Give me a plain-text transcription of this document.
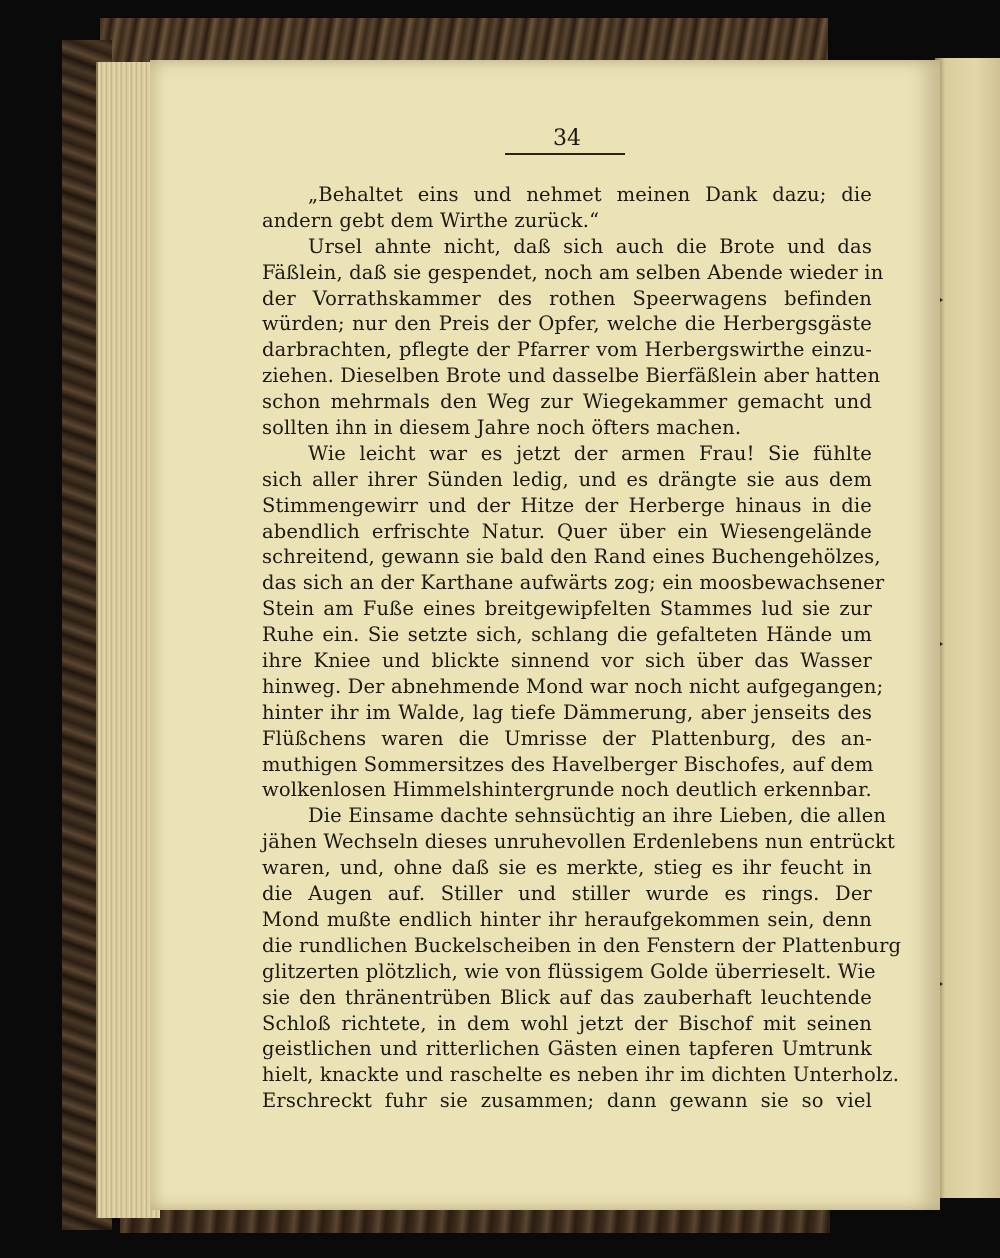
34
„Behaltet eins und nehmet meinen Dank dazu; die
andern gebt dem Wirthe zurück.“
Ursel ahnte nicht, daß sich auch die Brote und das
Fäßlein, daß sie gespendet, noch am selben Abende wieder in
der Vorrathskammer des rothen Speerwagens befinden
würden; nur den Preis der Opfer, welche die Herbergsgäste
darbrachten, pflegte der Pfarrer vom Herbergswirthe einzu-
ziehen. Dieselben Brote und dasselbe Bierfäßlein aber hatten
schon mehrmals den Weg zur Wiegekammer gemacht und
sollten ihn in diesem Jahre noch öfters machen.
Wie leicht war es jetzt der armen Frau! Sie fühlte
sich aller ihrer Sünden ledig, und es drängte sie aus dem
Stimmengewirr und der Hitze der Herberge hinaus in die
abendlich erfrischte Natur. Quer über ein Wiesengelände
schreitend, gewann sie bald den Rand eines Buchengehölzes,
das sich an der Karthane aufwärts zog; ein moosbewachsener
Stein am Fuße eines breitgewipfelten Stammes lud sie zur
Ruhe ein. Sie setzte sich, schlang die gefalteten Hände um
ihre Kniee und blickte sinnend vor sich über das Wasser
hinweg. Der abnehmende Mond war noch nicht aufgegangen;
hinter ihr im Walde, lag tiefe Dämmerung, aber jenseits des
Flüßchens waren die Umrisse der Plattenburg, des an-
muthigen Sommersitzes des Havelberger Bischofes, auf dem
wolkenlosen Himmelshintergrunde noch deutlich erkennbar.
Die Einsame dachte sehnsüchtig an ihre Lieben, die allen
jähen Wechseln dieses unruhevollen Erdenlebens nun entrückt
waren, und, ohne daß sie es merkte, stieg es ihr feucht in
die Augen auf. Stiller und stiller wurde es rings. Der
Mond mußte endlich hinter ihr heraufgekommen sein, denn
die rundlichen Buckelscheiben in den Fenstern der Plattenburg
glitzerten plötzlich, wie von flüssigem Golde überrieselt. Wie
sie den thränentrüben Blick auf das zauberhaft leuchtende
Schloß richtete, in dem wohl jetzt der Bischof mit seinen
geistlichen und ritterlichen Gästen einen tapferen Umtrunk
hielt, knackte und raschelte es neben ihr im dichten Unterholz.
Erschreckt fuhr sie zusammen; dann gewann sie so viel
